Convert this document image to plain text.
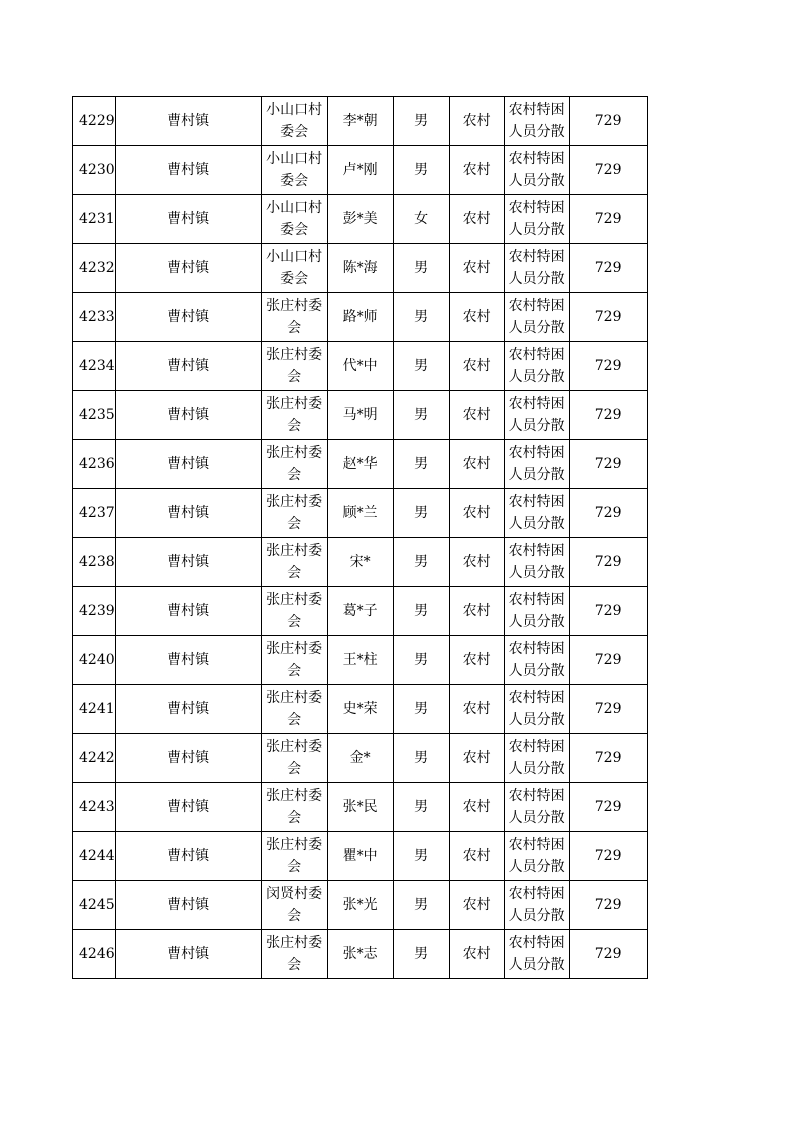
4229	曹村镇	小山口村委会	李*朝	男	农村	农村特困人员分散	729
4230	曹村镇	小山口村委会	卢*刚	男	农村	农村特困人员分散	729
4231	曹村镇	小山口村委会	彭*美	女	农村	农村特困人员分散	729
4232	曹村镇	小山口村委会	陈*海	男	农村	农村特困人员分散	729
4233	曹村镇	张庄村委会	路*师	男	农村	农村特困人员分散	729
4234	曹村镇	张庄村委会	代*中	男	农村	农村特困人员分散	729
4235	曹村镇	张庄村委会	马*明	男	农村	农村特困人员分散	729
4236	曹村镇	张庄村委会	赵*华	男	农村	农村特困人员分散	729
4237	曹村镇	张庄村委会	顾*兰	男	农村	农村特困人员分散	729
4238	曹村镇	张庄村委会	宋*	男	农村	农村特困人员分散	729
4239	曹村镇	张庄村委会	葛*子	男	农村	农村特困人员分散	729
4240	曹村镇	张庄村委会	王*柱	男	农村	农村特困人员分散	729
4241	曹村镇	张庄村委会	史*荣	男	农村	农村特困人员分散	729
4242	曹村镇	张庄村委会	金*	男	农村	农村特困人员分散	729
4243	曹村镇	张庄村委会	张*民	男	农村	农村特困人员分散	729
4244	曹村镇	张庄村委会	瞿*中	男	农村	农村特困人员分散	729
4245	曹村镇	闵贤村委会	张*光	男	农村	农村特困人员分散	729
4246	曹村镇	张庄村委会	张*志	男	农村	农村特困人员分散	729
